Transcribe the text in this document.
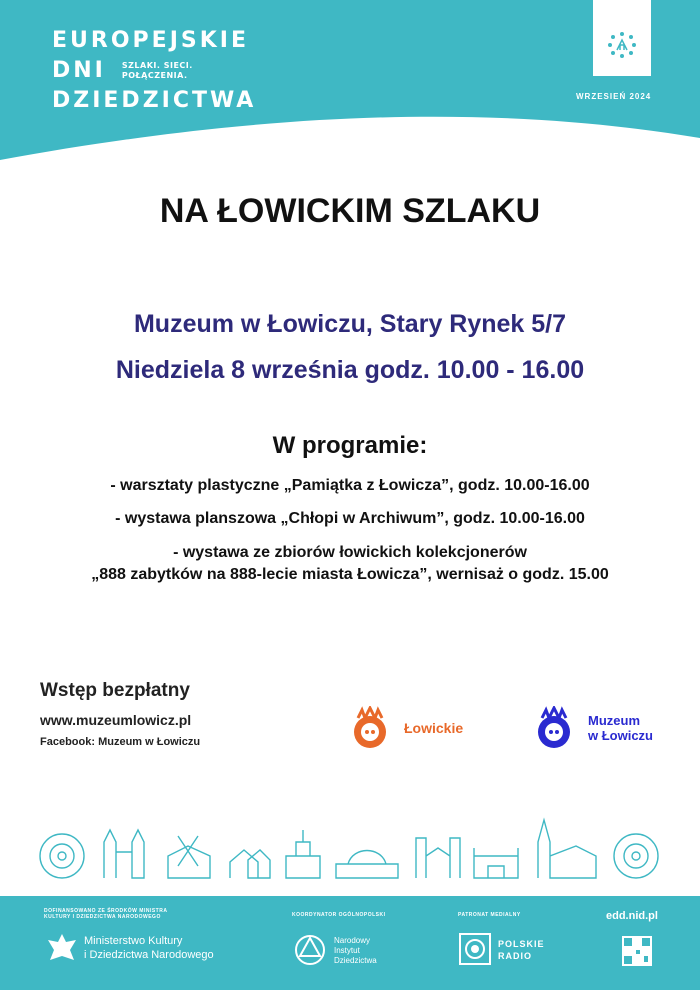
EUROPEJSKIE
DNI SZLAKI. SIECI.
POŁĄCZENIA.
DZIEDZICTWA	WRZESIEŃ 2024
NA ŁOWICKIM SZLAKU
Muzeum w Łowiczu, Stary Rynek 5/7
Niedziela 8 września godz. 10.00 - 16.00
W programie:
- warsztaty plastyczne „Pamiątka z Łowicza”, godz. 10.00-16.00
- wystawa planszowa „Chłopi w Archiwum”, godz. 10.00-16.00
- wystawa ze zbiorów łowickich kolekcjonerów
„888 zabytków na 888-lecie miasta Łowicza”, wernisaż o godz. 15.00
Wstęp bezpłatny
www.muzeumlowicz.pl
Facebook: Muzeum w Łowiczu
Łowickie	Muzeum
w Łowiczu
DOFINANSOWANO ZE ŚRODKÓW MINISTRA KULTURY I DZIEDZICTWA NARODOWEGO
Ministerstwo Kultury
i Dziedzictwa Narodowego
KOORDYNATOR OGÓLNOPOLSKI
Narodowy
Instytut
Dziedzictwa
PATRONAT MEDIALNY
POLSKIE
RADIO
edd.nid.pl
